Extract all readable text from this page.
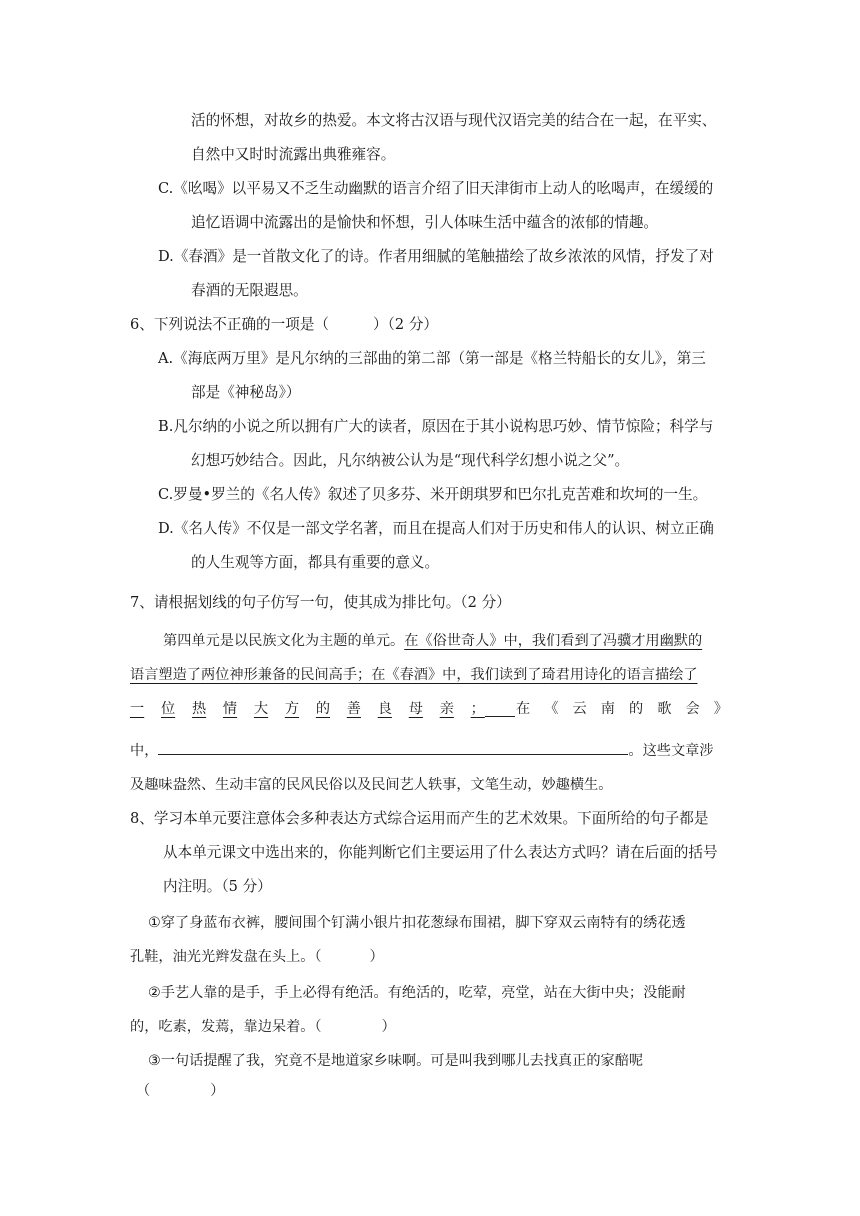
活的怀想，对故乡的热爱。本文将古汉语与现代汉语完美的结合在一起，在平实、
自然中又时时流露出典雅雍容。
C.《吆喝》以平易又不乏生动幽默的语言介绍了旧天津街市上动人的吆喝声，在缓缓的
追忆语调中流露出的是愉快和怀想，引人体味生活中蕴含的浓郁的情趣。
D.《春酒》是一首散文化了的诗。作者用细腻的笔触描绘了故乡浓浓的风情，抒发了对
春酒的无限遐思。
6、下列说法不正确的一项是（	）（2 分）
A.《海底两万里》是凡尔纳的三部曲的第二部（第一部是《格兰特船长的女儿》，第三
部是《神秘岛》）
B.凡尔纳的小说之所以拥有广大的读者，原因在于其小说构思巧妙、情节惊险；科学与
幻想巧妙结合。因此，凡尔纳被公认为是“现代科学幻想小说之父”。
C.罗曼•罗兰的《名人传》叙述了贝多芬、米开朗琪罗和巴尔扎克苦难和坎坷的一生。
D.《名人传》不仅是一部文学名著，而且在提高人们对于历史和伟人的认识、树立正确
的人生观等方面，都具有重要的意义。
7、请根据划线的句子仿写一句，使其成为排比句。（2 分）
第四单元是以民族文化为主题的单元。在《俗世奇人》中，我们看到了冯骥才用幽默的
语言塑造了两位神形兼备的民间高手；在《春酒》中，我们读到了琦君用诗化的语言描绘了
一 位 热 情 大 方 的 善 良 母 亲 ； 在 《 云 南 的 歌 会 》
中，	。这些文章涉
及趣味盎然、生动丰富的民风民俗以及民间艺人轶事，文笔生动，妙趣横生。
8、学习本单元要注意体会多种表达方式综合运用而产生的艺术效果。下面所给的句子都是
从本单元课文中选出来的，你能判断它们主要运用了什么表达方式吗？请在后面的括号
内注明。（5 分）
①穿了身蓝布衣裤，腰间围个钉满小银片扣花葱绿布围裙，脚下穿双云南特有的绣花透
孔鞋，油光光辫发盘在头上。（	）
②手艺人靠的是手，手上必得有绝活。有绝活的，吃荤，亮堂，站在大街中央；没能耐
的，吃素，发蔫，靠边呆着。（	）
③一句话提醒了我，究竟不是地道家乡味啊。可是叫我到哪儿去找真正的家醅呢
（	）
